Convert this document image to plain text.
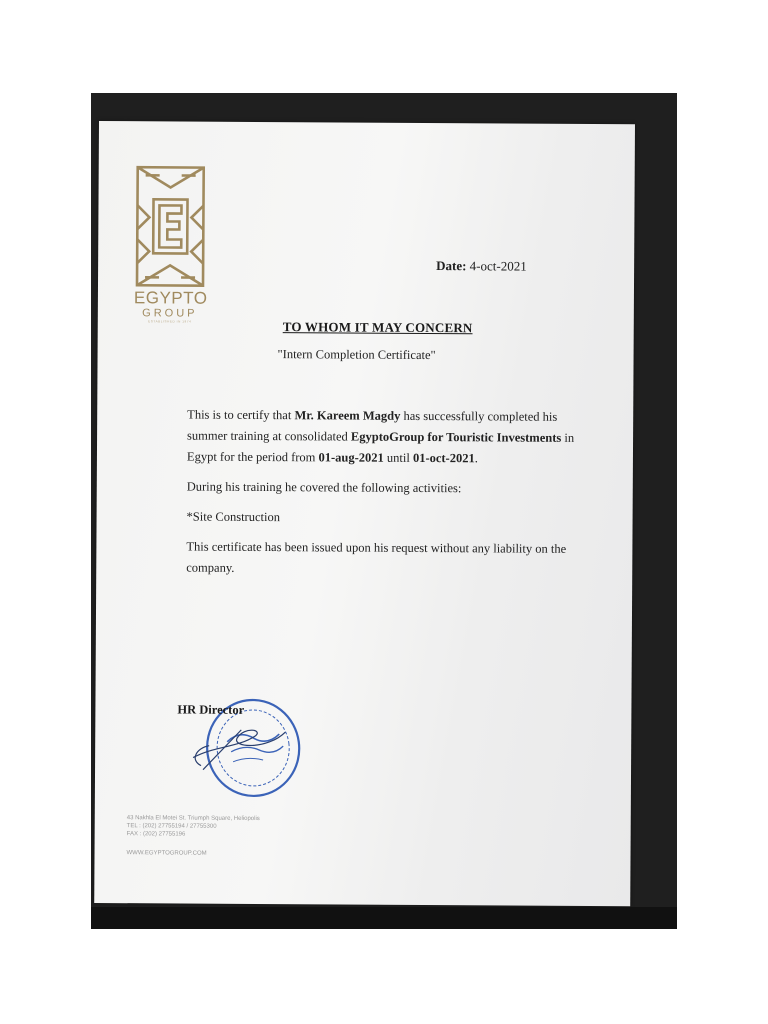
EGYPTO
GROUP
ESTABLISHED IN 1974
Date: 4-oct-2021
TO WHOM IT MAY CONCERN
"Intern Completion Certificate"

This is to certify that Mr. Kareem Magdy has successfully completed his summer training at consolidated EgyptoGroup for Touristic Investments in Egypt for the period from 01-aug-2021 until 01-oct-2021.

During his training he covered the following activities:

*Site Construction

This certificate has been issued upon his request without any liability on the company.

HR Director
43 Nakhla El Motei St. Triumph Square, Heliopolis
TEL : (202) 27755194 / 27755300
FAX : (202) 27755196
WWW.EGYPTOGROUP.COM
